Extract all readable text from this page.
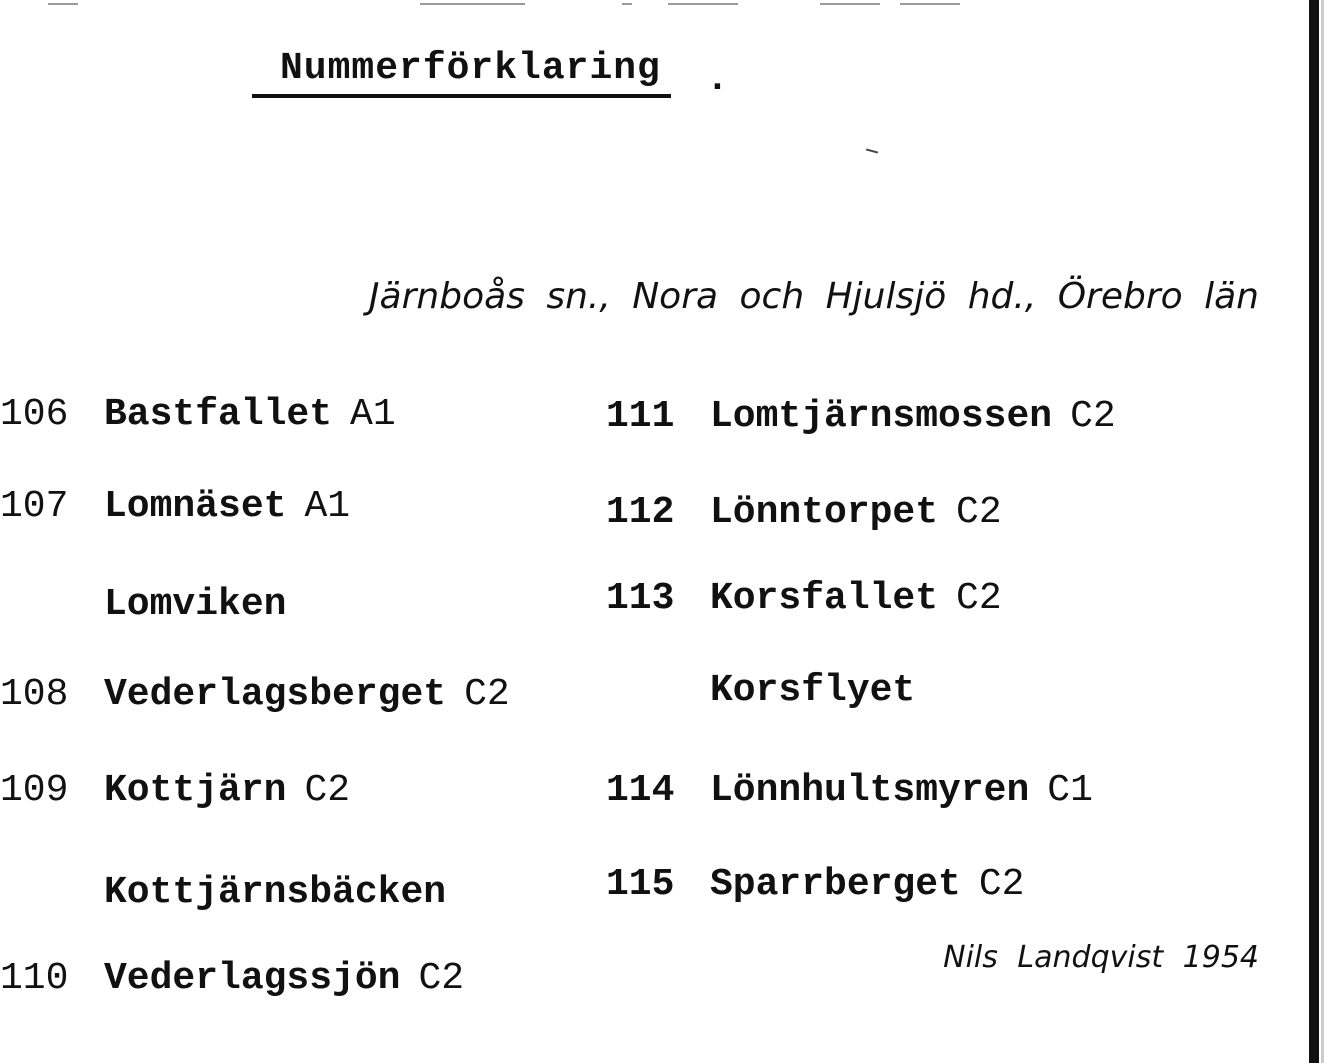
Nummerförklaring .
Järnboås sn., Nora och Hjulsjö hd., Örebro län
106 Bastfallet A1
107 Lomnäset A1
Lomviken
108 Vederlagsberget C2
109 Kottjärn C2
Kottjärnsbäcken
110 Vederlagssjön C2
111 Lomtjärnsmossen C2
112 Lönntorpet C2
113 Korsfallet C2
Korsflyet
114 Lönnhultsmyren C1
115 Sparrberget C2
Nils Landqvist 1954
